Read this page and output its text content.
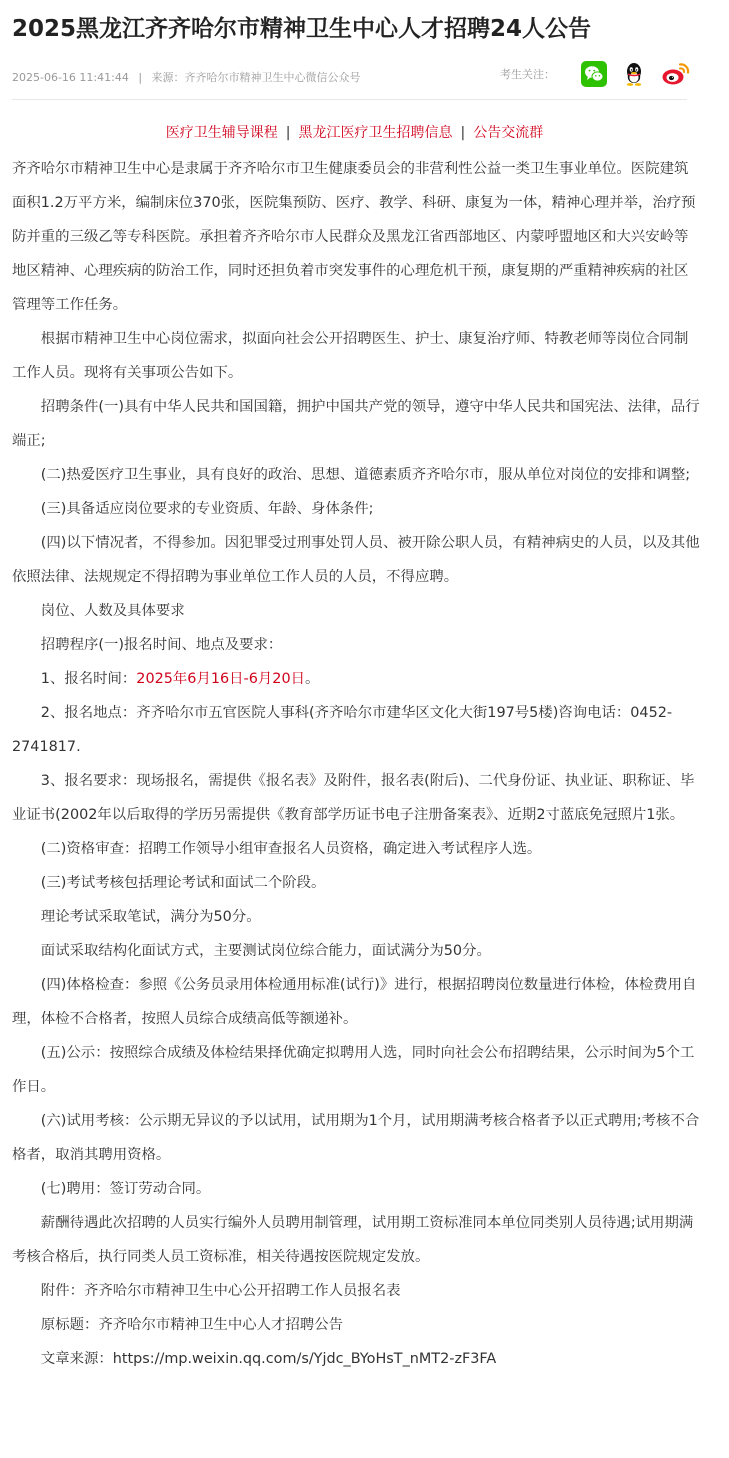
2025黑龙江齐齐哈尔市精神卫生中心人才招聘24人公告
2025-06-16 11:41:44 | 来源：齐齐哈尔市精神卫生中心微信公众号	考生关注：
医疗卫生辅导课程 | 黑龙江医疗卫生招聘信息 | 公告交流群

齐齐哈尔市精神卫生中心是隶属于齐齐哈尔市卫生健康委员会的非营利性公益一类卫生事业单位。医院建筑面积1.2万平方米，编制床位370张，医院集预防、医疗、教学、科研、康复为一体，精神心理并举，治疗预防并重的三级乙等专科医院。承担着齐齐哈尔市人民群众及黑龙江省西部地区、内蒙呼盟地区和大兴安岭等地区精神、心理疾病的防治工作，同时还担负着市突发事件的心理危机干预，康复期的严重精神疾病的社区管理等工作任务。

根据市精神卫生中心岗位需求，拟面向社会公开招聘医生、护士、康复治疗师、特教老师等岗位合同制工作人员。现将有关事项公告如下。

招聘条件(一)具有中华人民共和国国籍，拥护中国共产党的领导，遵守中华人民共和国宪法、法律，品行端正;

(二)热爱医疗卫生事业，具有良好的政治、思想、道德素质齐齐哈尔市，服从单位对岗位的安排和调整;

(三)具备适应岗位要求的专业资质、年龄、身体条件;

(四)以下情况者，不得参加。因犯罪受过刑事处罚人员、被开除公职人员，有精神病史的人员，以及其他依照法律、法规规定不得招聘为事业单位工作人员的人员，不得应聘。

岗位、人数及具体要求

招聘程序(一)报名时间、地点及要求：

1、报名时间：2025年6月16日-6月20日。

2、报名地点：齐齐哈尔市五官医院人事科(齐齐哈尔市建华区文化大街197号5楼)咨询电话：0452-2741817.

3、报名要求：现场报名，需提供《报名表》及附件，报名表(附后)、二代身份证、执业证、职称证、毕业证书(2002年以后取得的学历另需提供《教育部学历证书电子注册备案表》、近期2寸蓝底免冠照片1张。

(二)资格审查：招聘工作领导小组审查报名人员资格，确定进入考试程序人选。

(三)考试考核包括理论考试和面试二个阶段。

理论考试采取笔试，满分为50分。

面试采取结构化面试方式，主要测试岗位综合能力，面试满分为50分。

(四)体格检查：参照《公务员录用体检通用标准(试行)》进行，根据招聘岗位数量进行体检，体检费用自理，体检不合格者，按照人员综合成绩高低等额递补。

(五)公示：按照综合成绩及体检结果择优确定拟聘用人选，同时向社会公布招聘结果，公示时间为5个工作日。

(六)试用考核：公示期无异议的予以试用，试用期为1个月，试用期满考核合格者予以正式聘用;考核不合格者，取消其聘用资格。

(七)聘用：签订劳动合同。

薪酬待遇此次招聘的人员实行编外人员聘用制管理，试用期工资标准同本单位同类别人员待遇;试用期满考核合格后，执行同类人员工资标准，相关待遇按医院规定发放。

附件：齐齐哈尔市精神卫生中心公开招聘工作人员报名表

原标题：齐齐哈尔市精神卫生中心人才招聘公告

文章来源：https://mp.weixin.qq.com/s/Yjdc_BYoHsT_nMT2-zF3FA
